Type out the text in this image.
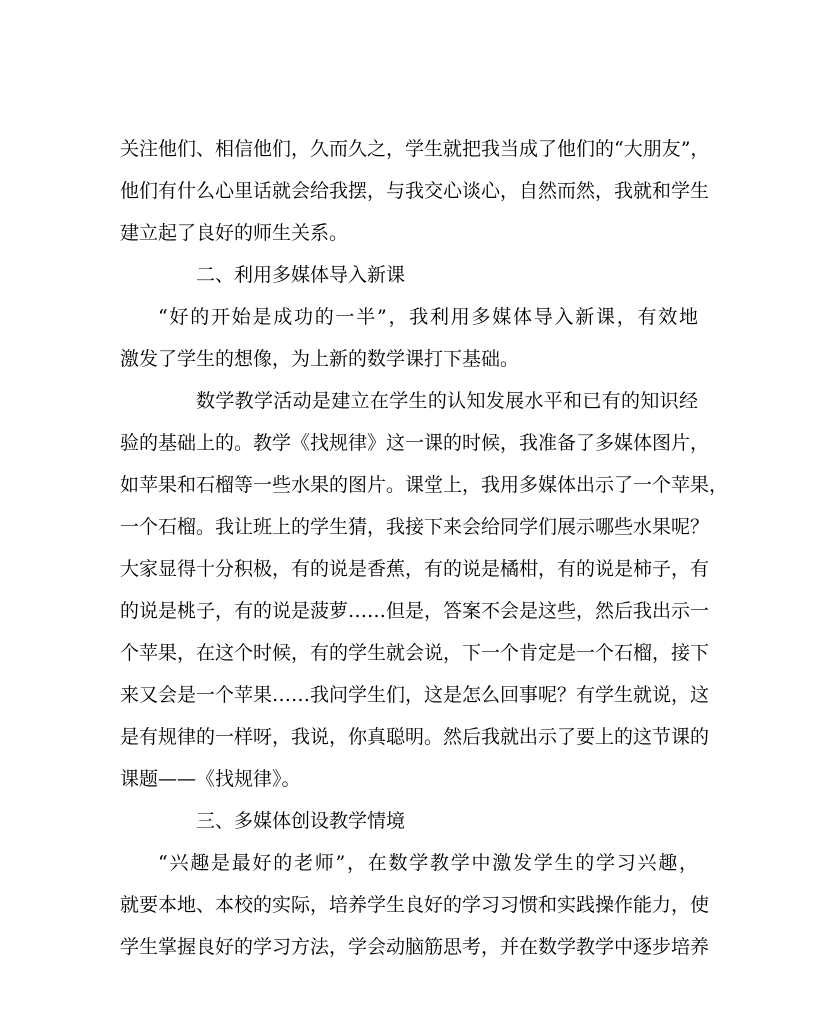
关注他们、相信他们，久而久之，学生就把我当成了他们的“大朋友”，
他们有什么心里话就会给我摆，与我交心谈心，自然而然，我就和学生
建立起了良好的师生关系。
二、利用多媒体导入新课
“好的开始是成功的一半”，我利用多媒体导入新课，有效地
激发了学生的想像，为上新的数学课打下基础。
数学教学活动是建立在学生的认知发展水平和已有的知识经
验的基础上的。教学《找规律》这一课的时候，我准备了多媒体图片，
如苹果和石榴等一些水果的图片。课堂上，我用多媒体出示了一个苹果，
一个石榴。我让班上的学生猜，我接下来会给同学们展示哪些水果呢？
大家显得十分积极，有的说是香蕉，有的说是橘柑，有的说是柿子，有
的说是桃子，有的说是菠萝……但是，答案不会是这些，然后我出示一
个苹果，在这个时候，有的学生就会说，下一个肯定是一个石榴，接下
来又会是一个苹果……我问学生们，这是怎么回事呢？有学生就说，这
是有规律的一样呀，我说，你真聪明。然后我就出示了要上的这节课的
课题——《找规律》。
三、多媒体创设教学情境
“兴趣是最好的老师”，在数学教学中激发学生的学习兴趣，
就要本地、本校的实际，培养学生良好的学习习惯和实践操作能力，使
学生掌握良好的学习方法，学会动脑筋思考，并在数学教学中逐步培养
